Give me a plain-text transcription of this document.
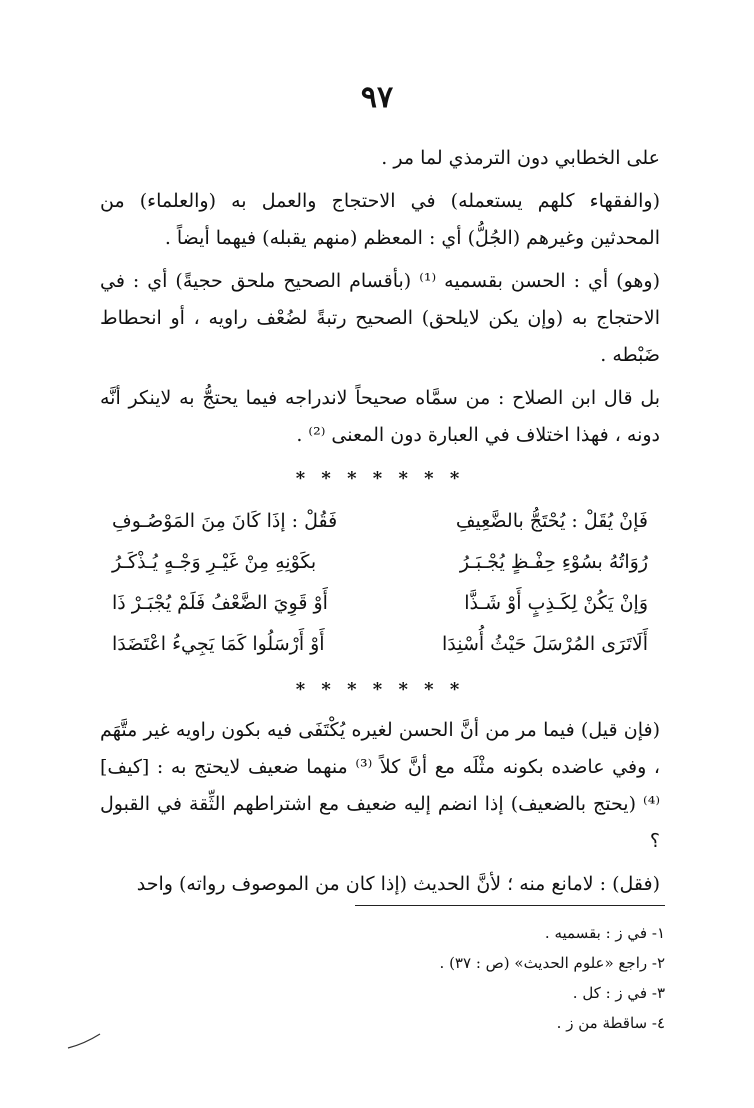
٩٧

على الخطابي دون الترمذي لما مر .

(والفقهاء كلهم يستعمله) في الاحتجاج والعمل به (والعلماء) من المحدثين وغيرهم (الجُلُّ) أي : المعظم (منهم يقبله) فيهما أيضاً .

(وهو) أي : الحسن بقسميه ⁽¹⁾ (بأقسام الصحيح ملحق حجيةً) أي : في الاحتجاج به (وإن يكن لايلحق) الصحيح رتبةً لضُعْف راويه ، أو انحطاط ضَبْطه .

بل قال ابن الصلاح : من سمَّاه صحيحاً لاندراجه فيما يحتجُّ به لاينكر أنَّه دونه ، فهذا اختلاف في العبارة دون المعنى ⁽²⁾ .

* * * * * * *
فَإنْ يُقَلْ : يُحْتَجُّ بالضَّعِيفِ
فَقُلْ : إذَا كَانَ مِنَ المَوْصُـوفِ
رُوَاتُهُ بسُوْءِ حِفْـظٍ يُجْـبَـرُ
بكَوْنِهِ مِنْ غَيْـرِ وَجْـهٍ يُـذْكَـرُ
وَإنْ يَكُنْ لِكَـذِبٍ أَوْ شَـذَّا
أَوْ قَوِيَ الضَّعْفُ فَلَمْ يُجْبَـرْ ذَا
أَلَاتَرَى المُرْسَلَ حَيْثُ أُسْنِدَا
أَوْ أَرْسَلُوا كَمَا يَجِيءُ اعْتَضَدَا
* * * * * * *

(فإن قيل) فيما مر من أنَّ الحسن لغيره يُكْتَفَى فيه بكون راويه غير متَّهَم ، وفي عاضده بكونه مثْلَه مع أنَّ كلاً ⁽³⁾ منهما ضعيف لايحتج به : [كيف] ⁽⁴⁾ (يحتج بالضعيف) إذا انضم إليه ضعيف مع اشتراطهم الثِّقة في القبول ؟

(فقل) : لامانع منه ؛ لأنَّ الحديث (إذا كان من الموصوف رواته) واحد

١- في ز : بقسميه .
٢- راجع «علوم الحديث» (ص : ٣٧) .
٣- في ز : كل .
٤- ساقطة من ز .
